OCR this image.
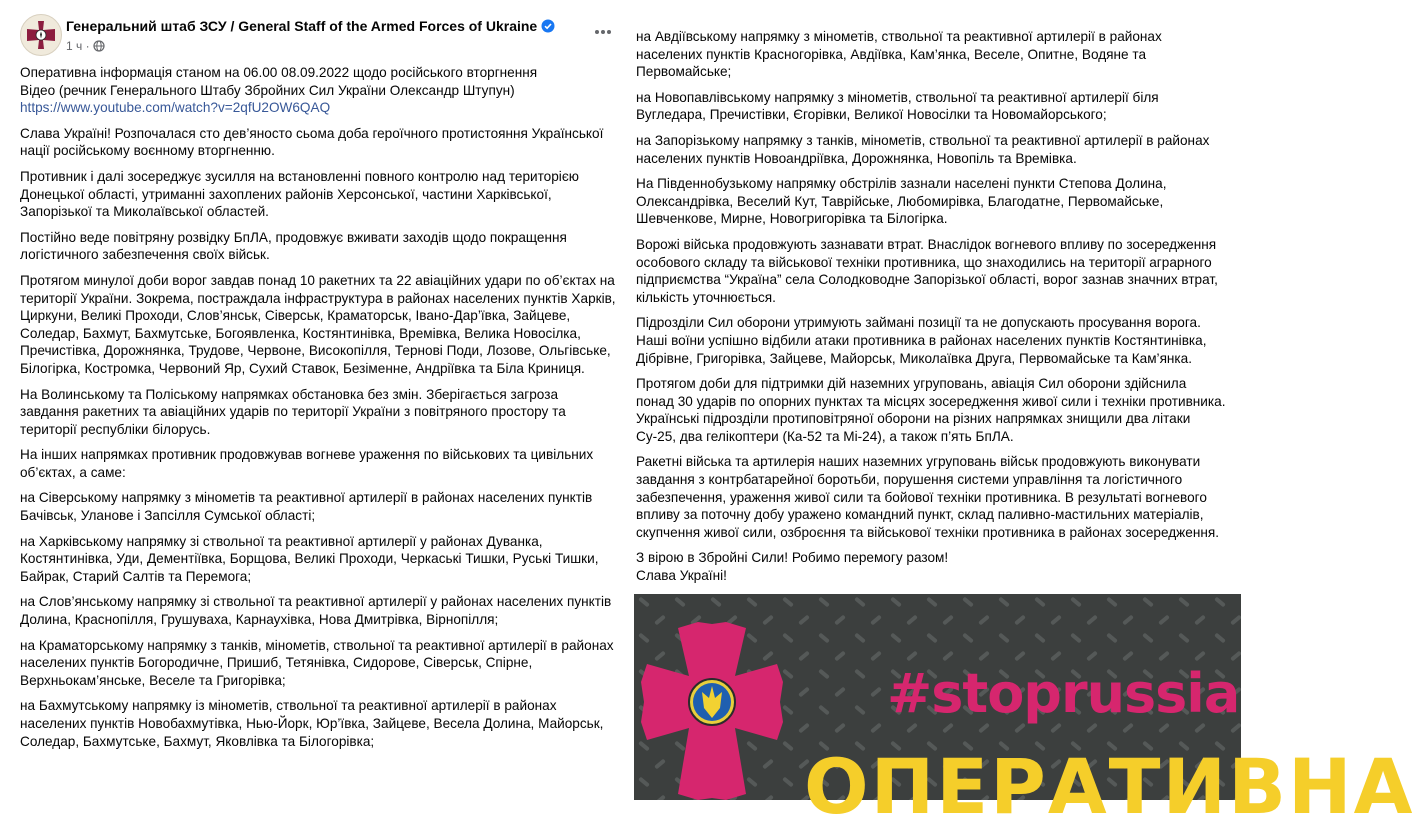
Генеральний штаб ЗСУ / General Staff of the Armed Forces of Ukraine
1 ч ·

Оперативна інформація станом на 06.00 08.09.2022 щодо російського вторгнення
Відео (речник Генерального Штабу Збройних Сил України Олександр Штупун)
https://www.youtube.com/watch?v=2qfU2OW6QAQ

Слава Україні! Розпочалася сто дев’яносто сьома доба героїчного протистояння Української нації російському воєнному вторгненню.

Противник і далі зосереджує зусилля на встановленні повного контролю над територією Донецької області, утриманні захоплених районів Херсонської, частини Харківської, Запорізької та Миколаївської областей.

Постійно веде повітряну розвідку БпЛА, продовжує вживати заходів щодо покращення логістичного забезпечення своїх військ.

Протягом минулої доби ворог завдав понад 10 ракетних та 22 авіаційних удари по об’єктах на території України. Зокрема, постраждала інфраструктура в районах населених пунктів Харків, Циркуни, Великі Проходи, Слов’янськ, Сіверськ, Краматорськ, Івано-Дар’ївка, Зайцеве, Соледар, Бахмут, Бахмутське, Богоявленка, Костянтинівка, Времівка, Велика Новосілка, Пречистівка, Дорожнянка, Трудове, Червоне, Високопілля, Тернові Поди, Лозове, Ольгівське, Білогірка, Костромка, Червоний Яр, Сухий Ставок, Безіменне, Андріївка та Біла Криниця.

На Волинському та Поліському напрямках обстановка без змін. Зберігається загроза завдання ракетних та авіаційних ударів по території України з повітряного простору та території республіки білорусь.

На інших напрямках противник продовжував вогневе ураження по військових та цивільних об’єктах, а саме:

на Сіверському напрямку з мінометів та реактивної артилерії в районах населених пунктів Бачівськ, Уланове і Запсілля Сумської області;

на Харківському напрямку зі ствольної та реактивної артилерії у районах Дуванка, Костянтинівка, Уди, Дементіївка, Борщова, Великі Проходи, Черкаські Тишки, Руські Тишки, Байрак, Старий Салтів та Перемога;

на Слов’янському напрямку зі ствольної та реактивної артилерії у районах населених пунктів Долина, Краснопілля, Грушуваха, Карнаухівка, Нова Дмитрівка, Вірнопілля;

на Краматорському напрямку з танків, мінометів, ствольної та реактивної артилерії в районах населених пунктів Богородичне, Пришиб, Тетянівка, Сидорове, Сіверськ, Спірне, Верхньокам’янське, Веселе та Григорівка;

на Бахмутському напрямку із мінометів, ствольної та реактивної артилерії в районах населених пунктів Новобахмутівка, Нью-Йорк, Юр’ївка, Зайцеве, Весела Долина, Майорськ, Соледар, Бахмутське, Бахмут, Яковлівка та Білогорівка;

на Авдіївському напрямку з мінометів, ствольної та реактивної артилерії в районах населених пунктів Красногорівка, Авдіївка, Кам’янка, Веселе, Опитне, Водяне та Первомайське;

на Новопавлівському напрямку з мінометів, ствольної та реактивної артилерії біля Вугледара, Пречистівки, Єгорівки, Великої Новосілки та Новомайорського;

на Запорізькому напрямку з танків, мінометів, ствольної та реактивної артилерії в районах населених пунктів Новоандріївка, Дорожнянка, Новопіль та Времівка.

На Південнобузькому напрямку обстрілів зазнали населені пункти Степова Долина, Олександрівка, Веселий Кут, Таврійське, Любомирівка, Благодатне, Первомайське, Шевченкове, Мирне, Новогригорівка та Білогірка.

Ворожі війська продовжують зазнавати втрат. Внаслідок вогневого впливу по зосередження особового складу та військової техніки противника, що знаходились на території аграрного підприємства “Україна” села Солодководне Запорізької області, ворог зазнав значних втрат, кількість уточнюється.

Підрозділи Сил оборони утримують займані позиції та не допускають просування ворога. Наші воїни успішно відбили атаки противника в районах населених пунктів Костянтинівка, Дібрівне, Григорівка, Зайцеве, Майорськ, Миколаївка Друга, Первомайське та Кам’янка.

Протягом доби для підтримки дій наземних угруповань, авіація Сил оборони здійснила понад 30 ударів по опорних пунктах та місцях зосередження живої сили і техніки противника. Українські підрозділи протиповітряної оборони на різних напрямках знищили два літаки Су-25, два гелікоптери (Ка-52 та Мі-24), а також п’ять БпЛА.

Ракетні війська та артилерія наших наземних угруповань військ продовжують виконувати завдання з контрбатарейної боротьби, порушення системи управління та логістичного забезпечення, ураження живої сили та бойової техніки противника. В результаті вогневого впливу за поточну добу уражено командний пункт, склад паливно-мастильних матеріалів, скупчення живої сили, озброєння та військової техніки противника в районах зосередження.

З вірою в Збройні Сили! Робимо перемогу разом!
Слава Україні!

#stoprussia
ОПЕРАТИВНА
